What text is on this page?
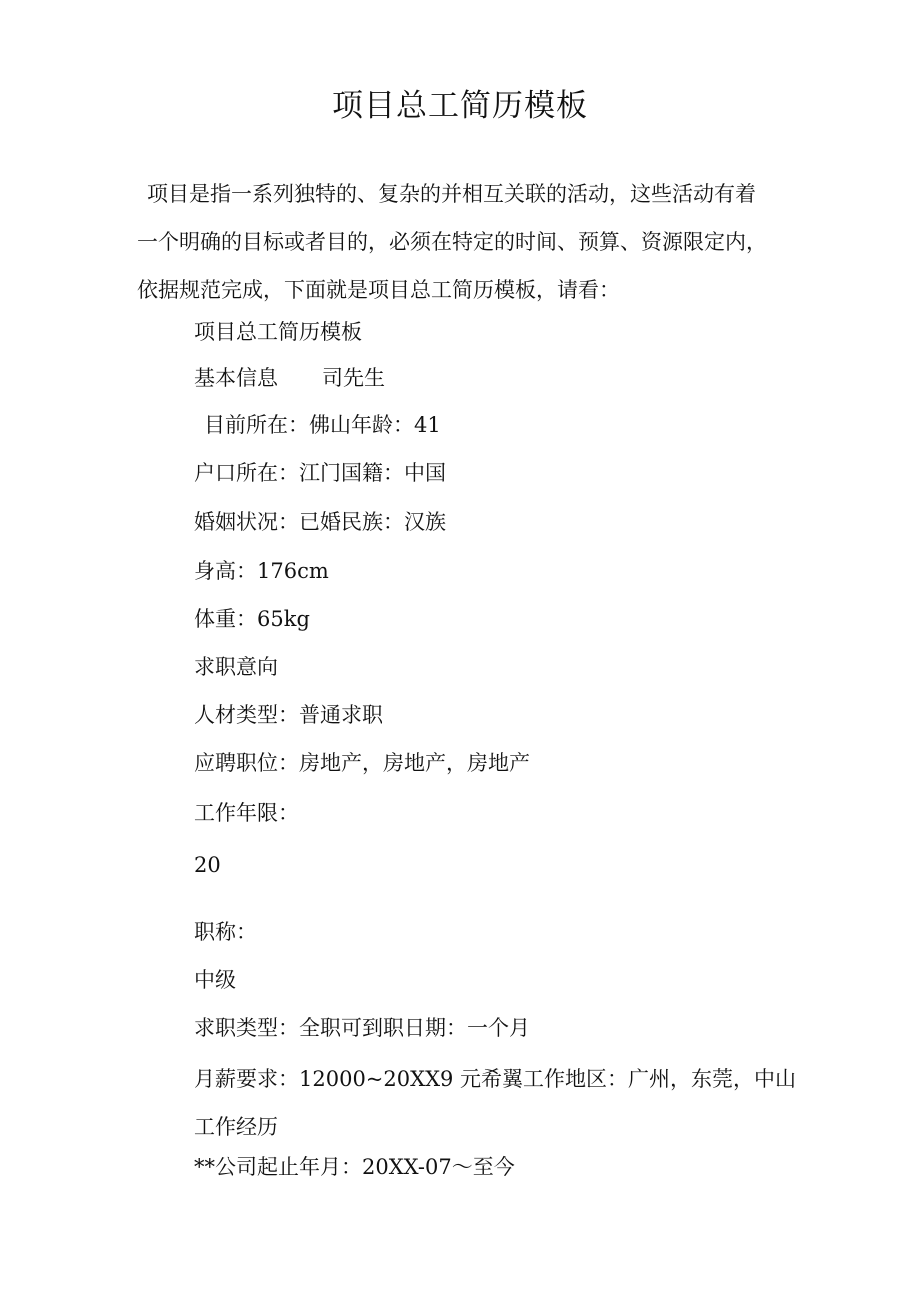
项目总工简历模板

项目是指一系列独特的、复杂的并相互关联的活动，这些活动有着

一个明确的目标或者目的，必须在特定的时间、预算、资源限定内，

依据规范完成，下面就是项目总工简历模板，请看：

项目总工简历模板
基本信息 司先生
目前所在：佛山年龄：41
户口所在：江门国籍：中国
婚姻状况：已婚民族：汉族
身高：176cm
体重：65kg
求职意向
人材类型：普通求职
应聘职位：房地产，房地产，房地产
工作年限：
20
职称：
中级
求职类型：全职可到职日期：一个月
月薪要求：12000~20XX9 元希翼工作地区：广州，东莞，中山
工作经历
**公司起止年月：20XX-07～至今
